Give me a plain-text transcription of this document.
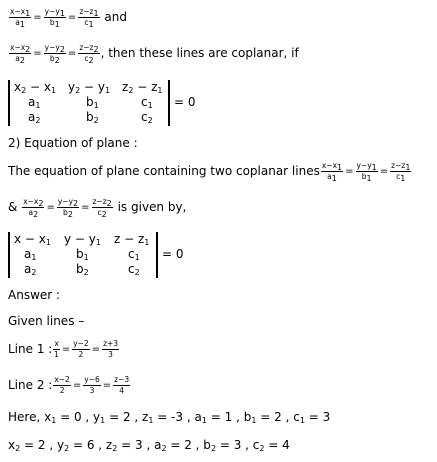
$\frac{x-x_1}{a_1} = \frac{y-y_1}{b_1} = \frac{z-z_1}{c_1}$ and
$\frac{x-x_2}{a_2} = \frac{y-y_2}{b_2} = \frac{z-z_2}{c_2}$ , then these lines are coplanar, if
$x_2 - x_1$ $y_2 - y_1$ $z_2 - z_1$
$a_1$	$b_1$	$c_1$
$a_2$	$b_2$	$c_2$
= 0
2) Equation of plane :
The equation of plane containing two coplanar lines $\frac{x-x_1}{a_1} = \frac{y-y_1}{b_1} = \frac{z-z_1}{c_1}$
& $\frac{x-x_2}{a_2} = \frac{y-y_2}{b_2} = \frac{z-z_2}{c_2}$ is given by,
$x - x_1$ $y - y_1$ $z - z_1$
$a_1$	$b_1$	$c_1$
$a_2$	$b_2$	$c_2$
= 0
Answer :
Given lines –
Line 1 : $\frac{x}{1} = \frac{y-2}{2} = \frac{z+3}{3}$
Line 2 : $\frac{x-2}{2} = \frac{y-6}{3} = \frac{z-3}{4}$
Here, $x_1 = 0$ , $y_1 = 2$ , $z_1 = -3$ , $a_1 = 1$ , $b_1 = 2$ , $c_1 = 3$
$x_2 = 2$ , $y_2 = 6$ , $z_2 = 3$ , $a_2 = 2$ , $b_2 = 3$ , $c_2 = 4$
